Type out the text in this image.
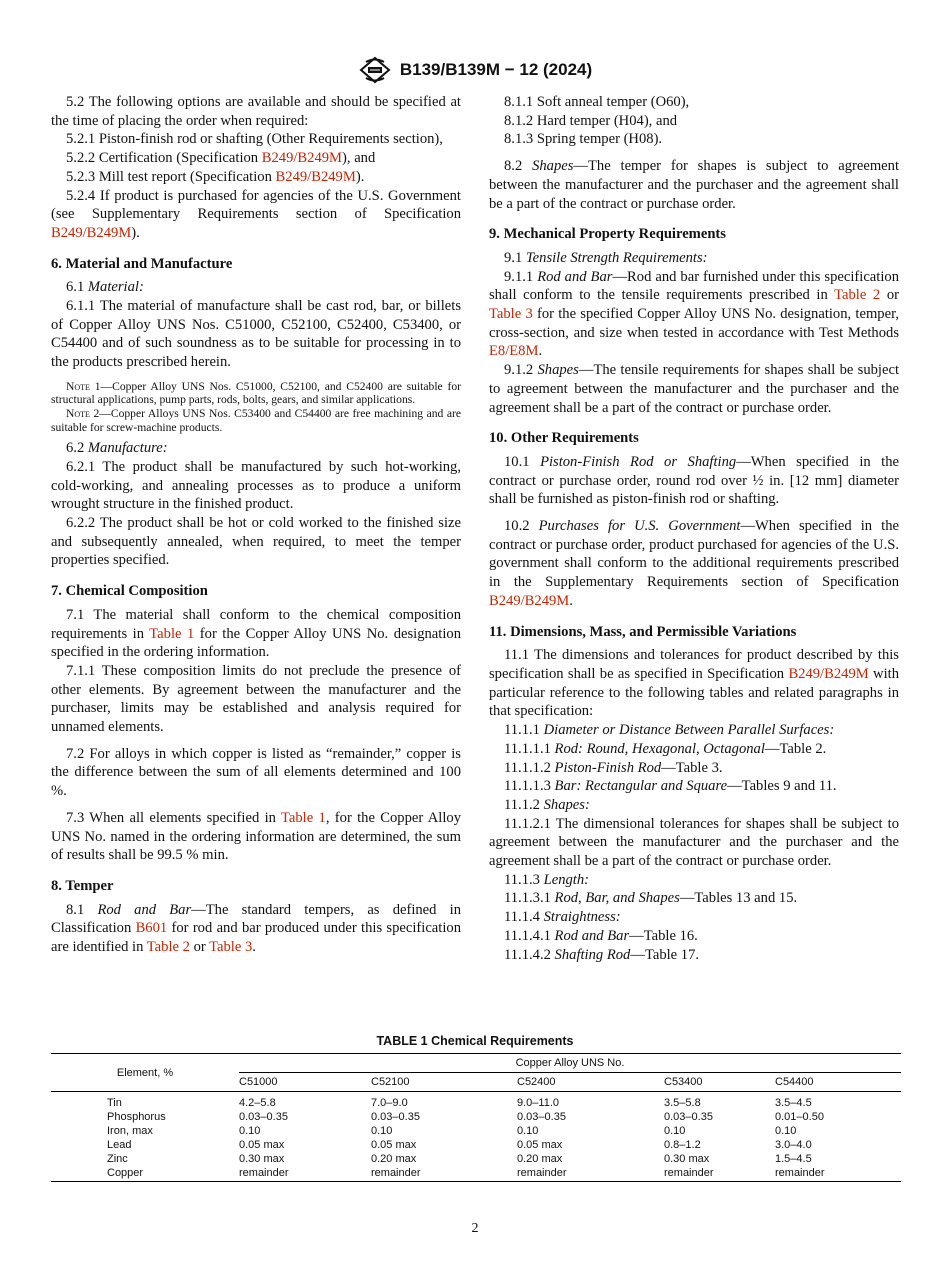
B139/B139M − 12 (2024)

5.2 The following options are available and should be specified at the time of placing the order when required:

5.2.1 Piston-finish rod or shafting (Other Requirements section),

5.2.2 Certification (Specification B249/B249M), and

5.2.3 Mill test report (Specification B249/B249M).

5.2.4 If product is purchased for agencies of the U.S. Government (see Supplementary Requirements section of Specification B249/B249M).

6. Material and Manufacture

6.1 Material:

6.1.1 The material of manufacture shall be cast rod, bar, or billets of Copper Alloy UNS Nos. C51000, C52100, C52400, C53400, or C54400 and of such soundness as to be suitable for processing in to the products prescribed herein.

Note 1—Copper Alloy UNS Nos. C51000, C52100, and C52400 are suitable for structural applications, pump parts, rods, bolts, gears, and similar applications.

Note 2—Copper Alloys UNS Nos. C53400 and C54400 are free machining and are suitable for screw-machine products.

6.2 Manufacture:

6.2.1 The product shall be manufactured by such hot-working, cold-working, and annealing processes as to produce a uniform wrought structure in the finished product.

6.2.2 The product shall be hot or cold worked to the finished size and subsequently annealed, when required, to meet the temper properties specified.

7. Chemical Composition

7.1 The material shall conform to the chemical composition requirements in Table 1 for the Copper Alloy UNS No. designation specified in the ordering information.

7.1.1 These composition limits do not preclude the presence of other elements. By agreement between the manufacturer and the purchaser, limits may be established and analysis required for unnamed elements.

7.2 For alloys in which copper is listed as “remainder,” copper is the difference between the sum of all elements determined and 100 %.

7.3 When all elements specified in Table 1, for the Copper Alloy UNS No. named in the ordering information are determined, the sum of results shall be 99.5 % min.

8. Temper

8.1 Rod and Bar—The standard tempers, as defined in Classification B601 for rod and bar produced under this specification are identified in Table 2 or Table 3.

8.1.1 Soft anneal temper (O60),

8.1.2 Hard temper (H04), and

8.1.3 Spring temper (H08).

8.2 Shapes—The temper for shapes is subject to agreement between the manufacturer and the purchaser and the agreement shall be a part of the contract or purchase order.

9. Mechanical Property Requirements

9.1 Tensile Strength Requirements:

9.1.1 Rod and Bar—Rod and bar furnished under this specification shall conform to the tensile requirements prescribed in Table 2 or Table 3 for the specified Copper Alloy UNS No. designation, temper, cross-section, and size when tested in accordance with Test Methods E8/E8M.

9.1.2 Shapes—The tensile requirements for shapes shall be subject to agreement between the manufacturer and the purchaser and the agreement shall be a part of the contract or purchase order.

10. Other Requirements

10.1 Piston-Finish Rod or Shafting—When specified in the contract or purchase order, round rod over ½ in. [12 mm] diameter shall be furnished as piston-finish rod or shafting.

10.2 Purchases for U.S. Government—When specified in the contract or purchase order, product purchased for agencies of the U.S. government shall conform to the additional requirements prescribed in the Supplementary Requirements section of Specification B249/B249M.

11. Dimensions, Mass, and Permissible Variations

11.1 The dimensions and tolerances for product described by this specification shall be as specified in Specification B249/B249M with particular reference to the following tables and related paragraphs in that specification:

11.1.1 Diameter or Distance Between Parallel Surfaces:

11.1.1.1 Rod: Round, Hexagonal, Octagonal—Table 2.

11.1.1.2 Piston-Finish Rod—Table 3.

11.1.1.3 Bar: Rectangular and Square—Tables 9 and 11.

11.1.2 Shapes:

11.1.2.1 The dimensional tolerances for shapes shall be subject to agreement between the manufacturer and the purchaser and the agreement shall be a part of the contract or purchase order.

11.1.3 Length:

11.1.3.1 Rod, Bar, and Shapes—Tables 13 and 15.

11.1.4 Straightness:

11.1.4.1 Rod and Bar—Table 16.

11.1.4.2 Shafting Rod—Table 17.

TABLE 1 Chemical Requirements
Element, %	Copper Alloy UNS No.				
	C51000	C52100	C52400	C53400	C54400
Tin	4.2–5.8	7.0–9.0	9.0–11.0	3.5–5.8	3.5–4.5
Phosphorus	0.03–0.35	0.03–0.35	0.03–0.35	0.03–0.35	0.01–0.50
Iron, max	0.10	0.10	0.10	0.10	0.10
Lead	0.05 max	0.05 max	0.05 max	0.8–1.2	3.0–4.0
Zinc	0.30 max	0.20 max	0.20 max	0.30 max	1.5–4.5
Copper	remainder	remainder	remainder	remainder	remainder
2
